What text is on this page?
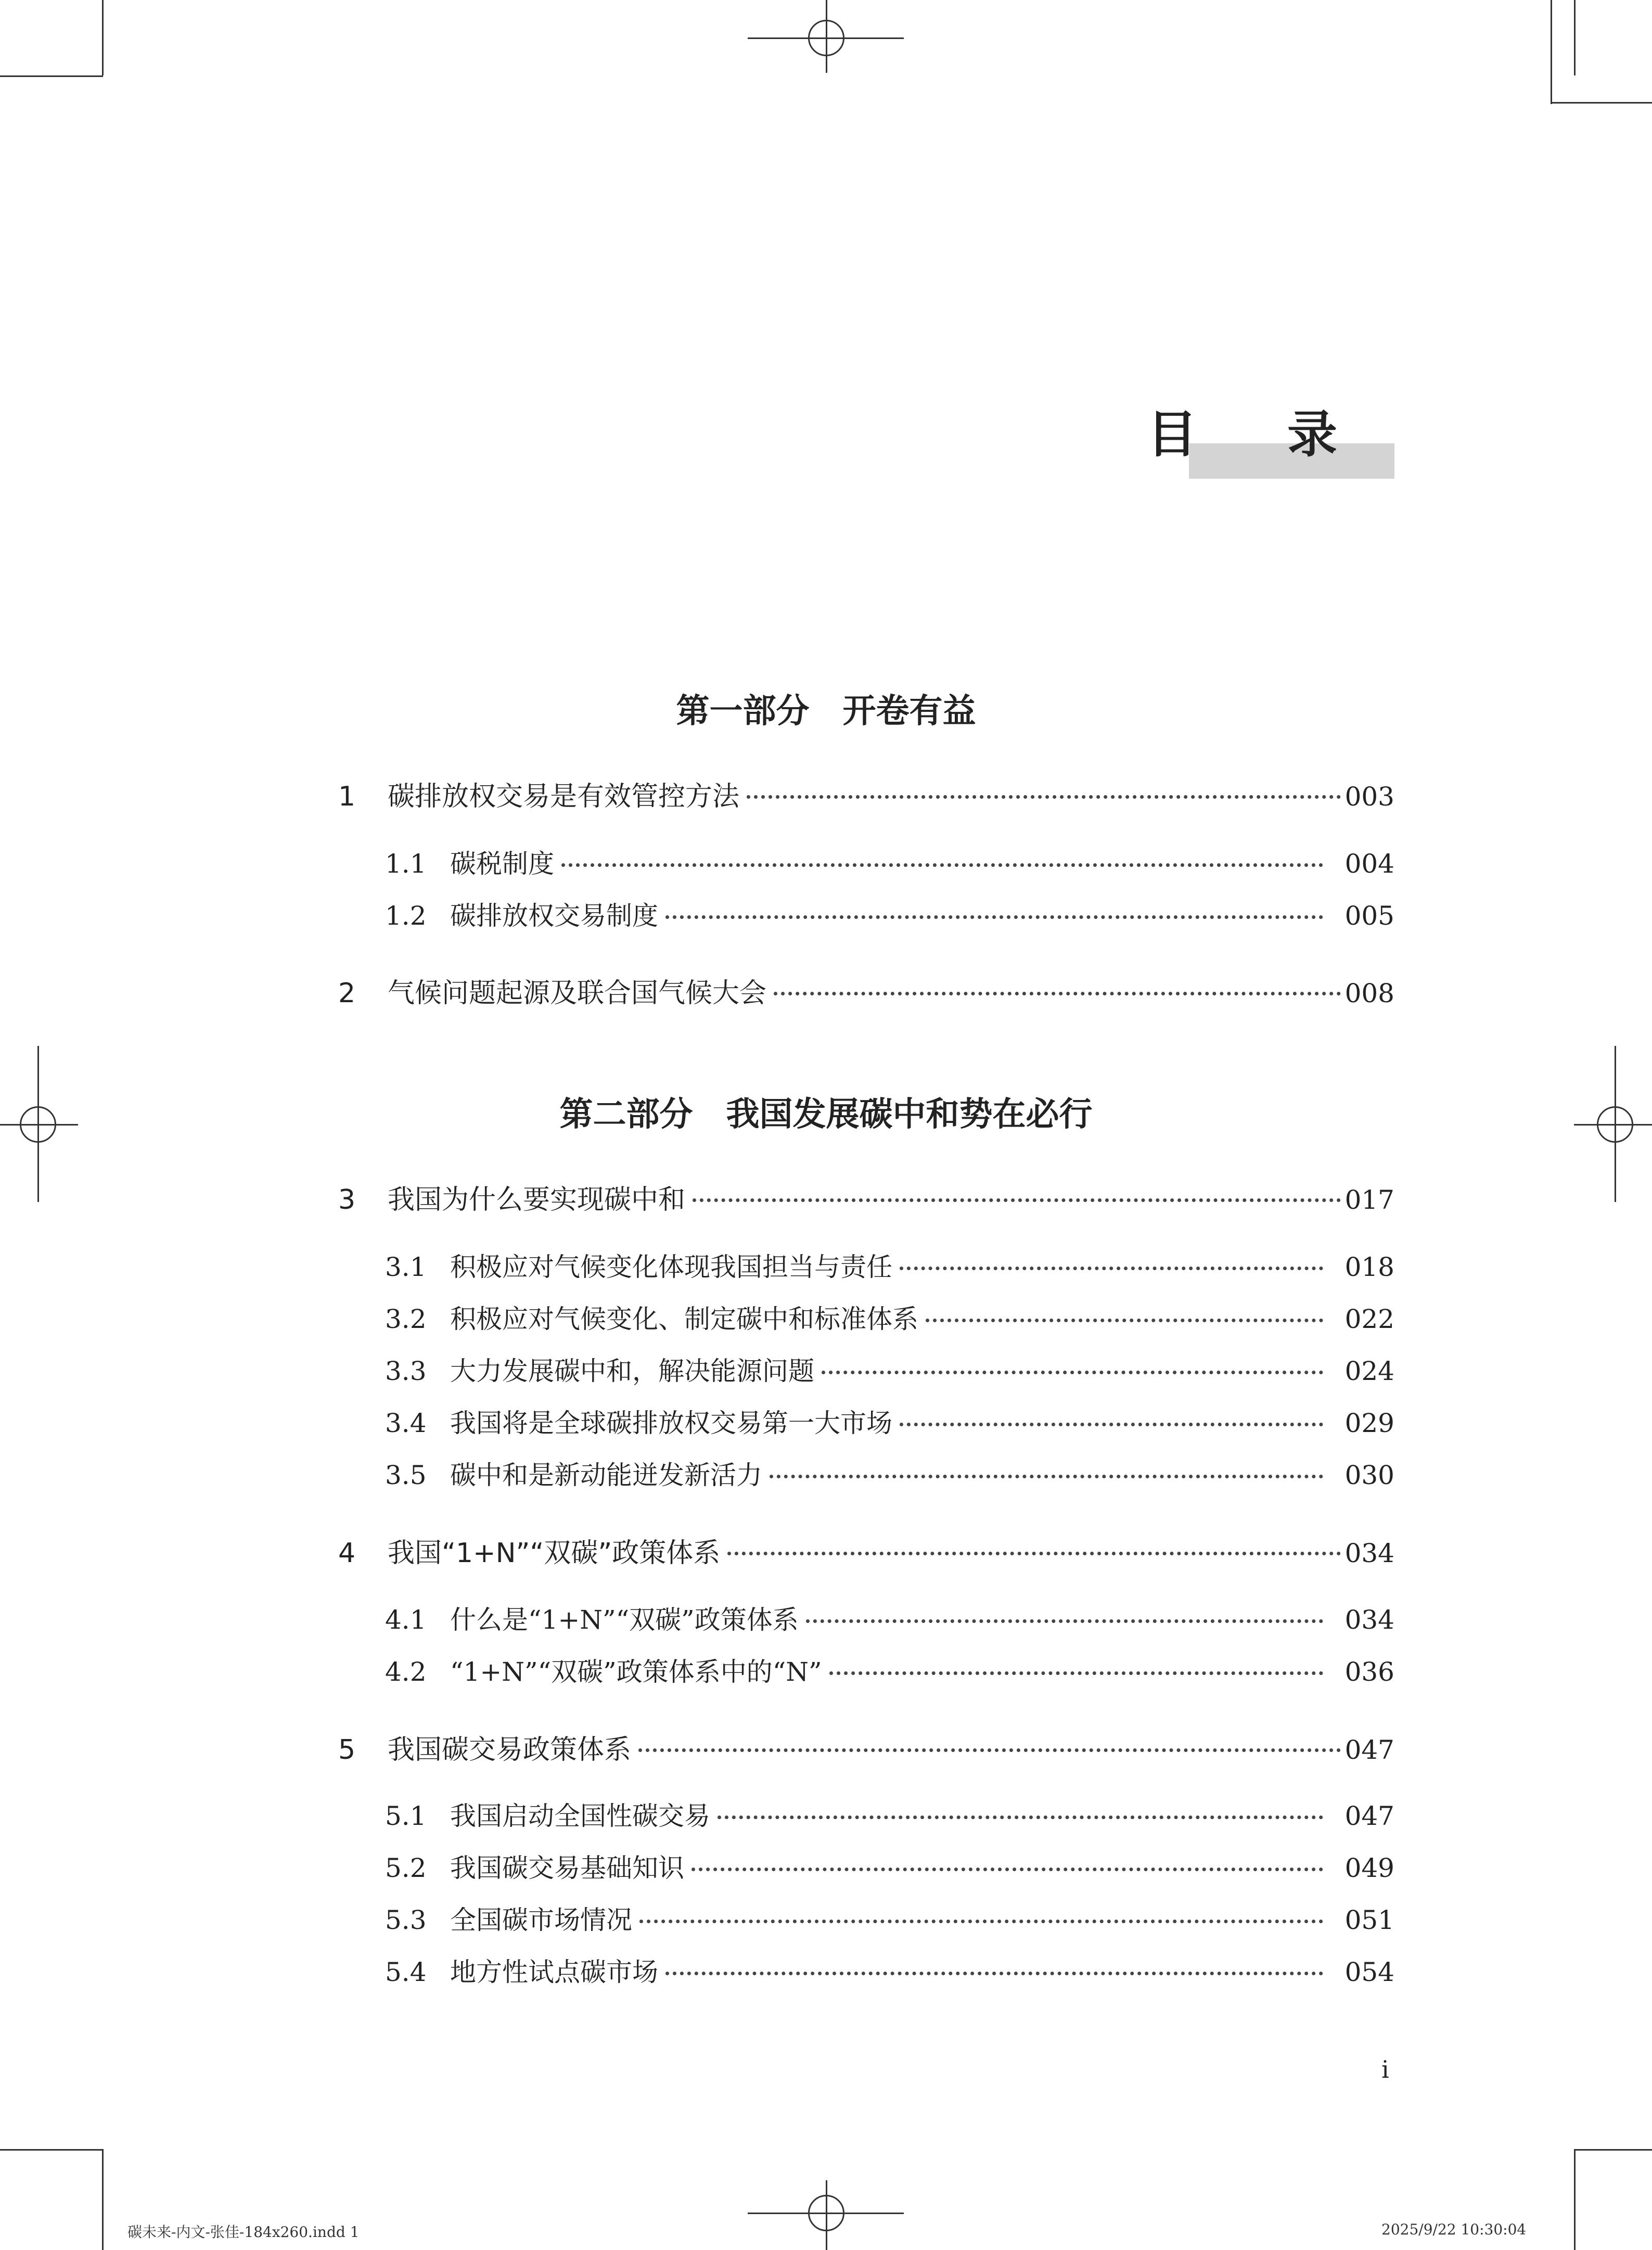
目 录
第一部分　开卷有益
1	碳排放权交易是有效管控方法	003
1.1 碳税制度	004
1.2 碳排放权交易制度	005
2	气候问题起源及联合国气候大会	008
第二部分　我国发展碳中和势在必行
3	我国为什么要实现碳中和	017
3.1 积极应对气候变化体现我国担当与责任	018
3.2 积极应对气候变化、制定碳中和标准体系	022
3.3 大力发展碳中和，解决能源问题	024
3.4 我国将是全球碳排放权交易第一大市场	029
3.5 碳中和是新动能迸发新活力	030
4	我国“1+N”“双碳”政策体系	034
4.1 什么是“1+N”“双碳”政策体系	034
4.2 “1+N”“双碳”政策体系中的“N”	036
5	我国碳交易政策体系	047
5.1 我国启动全国性碳交易	047
5.2 我国碳交易基础知识	049
5.3 全国碳市场情况	051
5.4 地方性试点碳市场	054
i
碳未来-内文-张佳-184x260.indd 1	2025/9/22 10:30:04
